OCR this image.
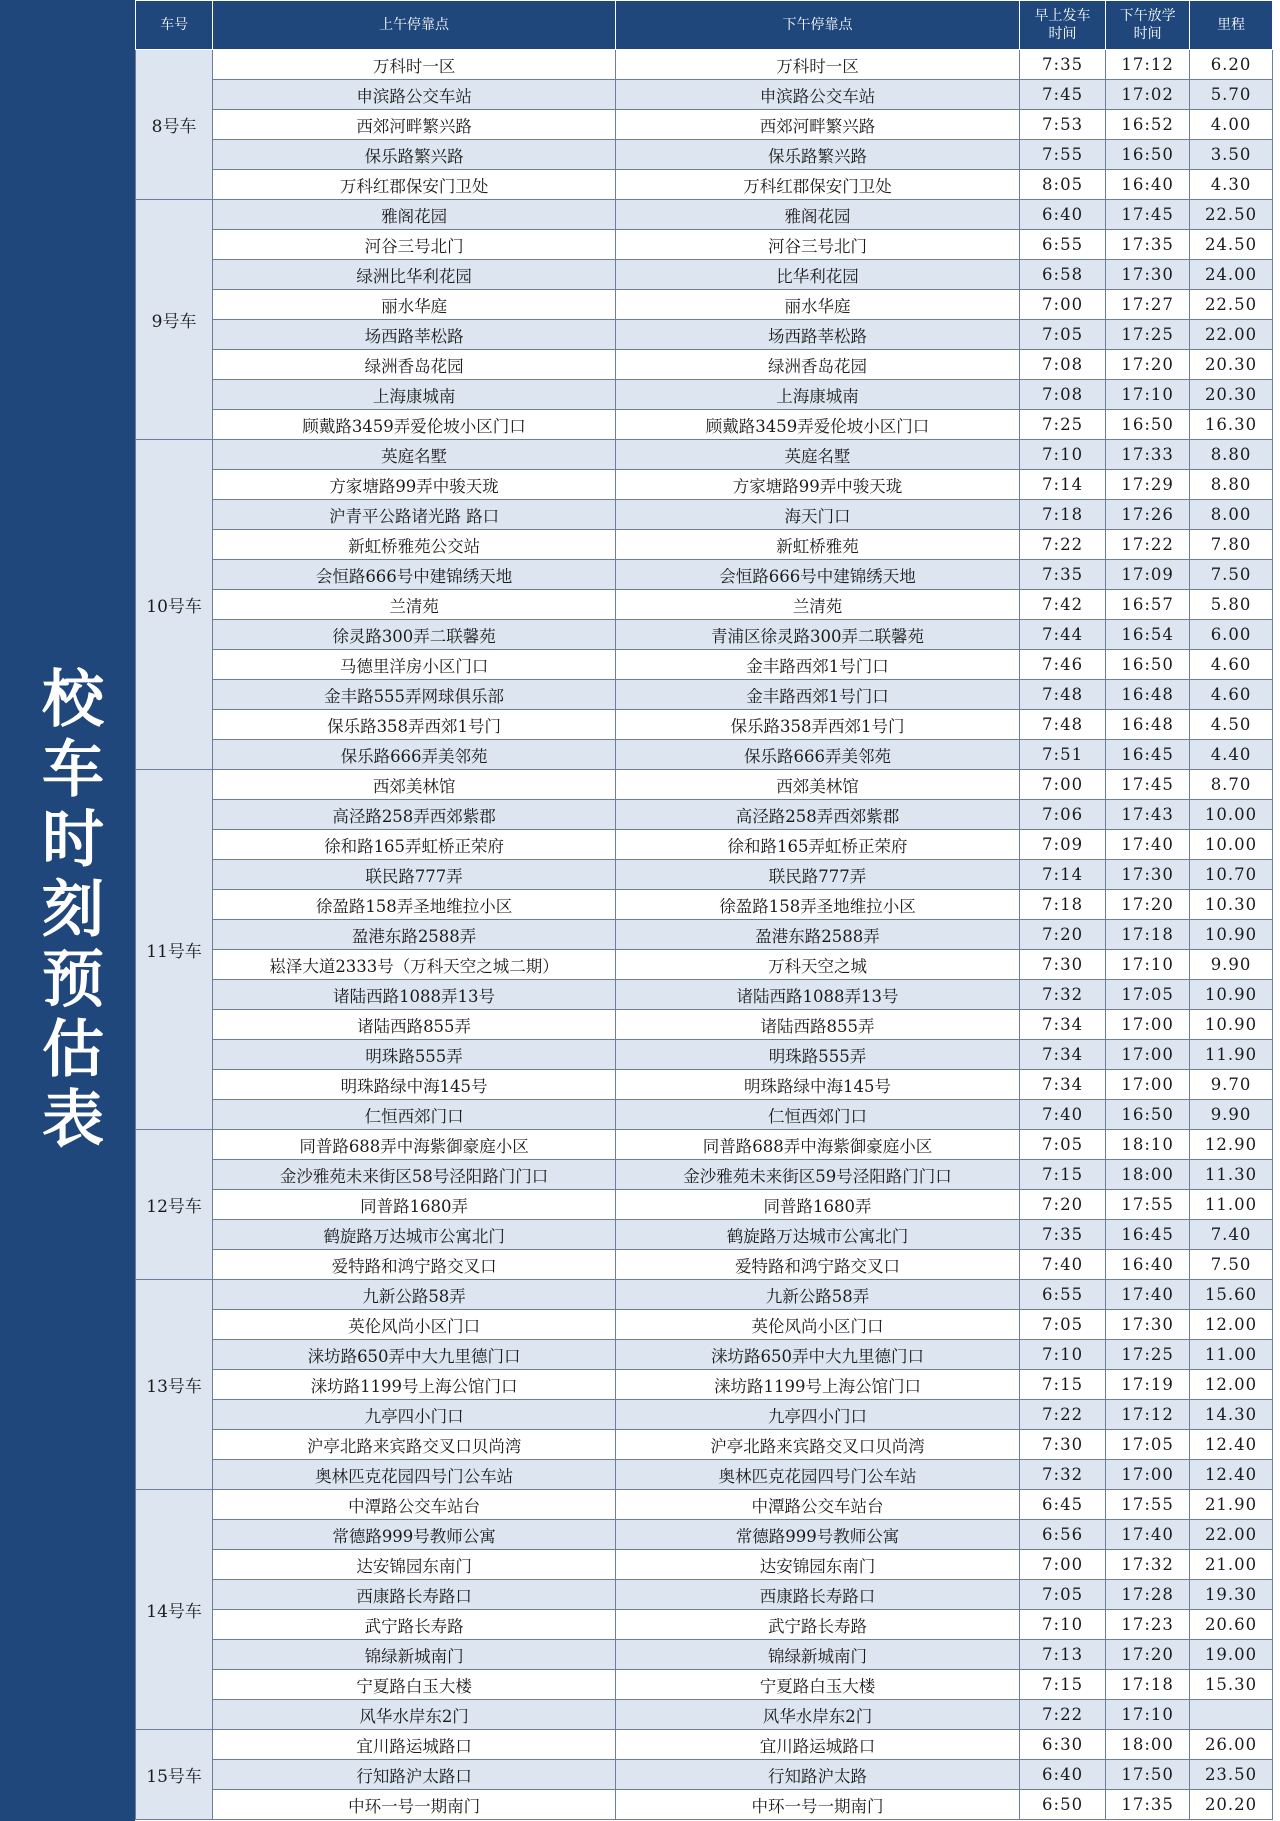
校车时刻预估表
车号	上午停靠点	下午停靠点	早上发车时间	下午放学时间	里程
8号车	万科时一区	万科时一区	7:35	17:12	6.20
	申滨路公交车站	申滨路公交车站	7:45	17:02	5.70
	西郊河畔繁兴路	西郊河畔繁兴路	7:53	16:52	4.00
	保乐路繁兴路	保乐路繁兴路	7:55	16:50	3.50
	万科红郡保安门卫处	万科红郡保安门卫处	8:05	16:40	4.30
9号车	雅阁花园	雅阁花园	6:40	17:45	22.50
	河谷三号北门	河谷三号北门	6:55	17:35	24.50
	绿洲比华利花园	比华利花园	6:58	17:30	24.00
	丽水华庭	丽水华庭	7:00	17:27	22.50
	场西路莘松路	场西路莘松路	7:05	17:25	22.00
	绿洲香岛花园	绿洲香岛花园	7:08	17:20	20.30
	上海康城南	上海康城南	7:08	17:10	20.30
	顾戴路3459弄爱伦坡小区门口	顾戴路3459弄爱伦坡小区门口	7:25	16:50	16.30
10号车	英庭名墅	英庭名墅	7:10	17:33	8.80
	方家塘路99弄中骏天珑	方家塘路99弄中骏天珑	7:14	17:29	8.80
	沪青平公路诸光路 路口	海天门口	7:18	17:26	8.00
	新虹桥雅苑公交站	新虹桥雅苑	7:22	17:22	7.80
	会恒路666号中建锦绣天地	会恒路666号中建锦绣天地	7:35	17:09	7.50
	兰清苑	兰清苑	7:42	16:57	5.80
	徐灵路300弄二联馨苑	青浦区徐灵路300弄二联馨苑	7:44	16:54	6.00
	马德里洋房小区门口	金丰路西郊1号门口	7:46	16:50	4.60
	金丰路555弄网球俱乐部	金丰路西郊1号门口	7:48	16:48	4.60
	保乐路358弄西郊1号门	保乐路358弄西郊1号门	7:48	16:48	4.50
	保乐路666弄美邻苑	保乐路666弄美邻苑	7:51	16:45	4.40
11号车	西郊美林馆	西郊美林馆	7:00	17:45	8.70
	高泾路258弄西郊紫郡	高泾路258弄西郊紫郡	7:06	17:43	10.00
	徐和路165弄虹桥正荣府	徐和路165弄虹桥正荣府	7:09	17:40	10.00
	联民路777弄	联民路777弄	7:14	17:30	10.70
	徐盈路158弄圣地维拉小区	徐盈路158弄圣地维拉小区	7:18	17:20	10.30
	盈港东路2588弄	盈港东路2588弄	7:20	17:18	10.90
	崧泽大道2333号（万科天空之城二期）	万科天空之城	7:30	17:10	9.90
	诸陆西路1088弄13号	诸陆西路1088弄13号	7:32	17:05	10.90
	诸陆西路855弄	诸陆西路855弄	7:34	17:00	10.90
	明珠路555弄	明珠路555弄	7:34	17:00	11.90
	明珠路绿中海145号	明珠路绿中海145号	7:34	17:00	9.70
	仁恒西郊门口	仁恒西郊门口	7:40	16:50	9.90
12号车	同普路688弄中海紫御豪庭小区	同普路688弄中海紫御豪庭小区	7:05	18:10	12.90
	金沙雅苑未来街区58号泾阳路门门口	金沙雅苑未来街区59号泾阳路门门口	7:15	18:00	11.30
	同普路1680弄	同普路1680弄	7:20	17:55	11.00
	鹤旋路万达城市公寓北门	鹤旋路万达城市公寓北门	7:35	16:45	7.40
	爱特路和鸿宁路交叉口	爱特路和鸿宁路交叉口	7:40	16:40	7.50
13号车	九新公路58弄	九新公路58弄	6:55	17:40	15.60
	英伦风尚小区门口	英伦风尚小区门口	7:05	17:30	12.00
	涞坊路650弄中大九里德门口	涞坊路650弄中大九里德门口	7:10	17:25	11.00
	涞坊路1199号上海公馆门口	涞坊路1199号上海公馆门口	7:15	17:19	12.00
	九亭四小门口	九亭四小门口	7:22	17:12	14.30
	沪亭北路来宾路交叉口贝尚湾	沪亭北路来宾路交叉口贝尚湾	7:30	17:05	12.40
	奥林匹克花园四号门公车站	奥林匹克花园四号门公车站	7:32	17:00	12.40
14号车	中潭路公交车站台	中潭路公交车站台	6:45	17:55	21.90
	常德路999号教师公寓	常德路999号教师公寓	6:56	17:40	22.00
	达安锦园东南门	达安锦园东南门	7:00	17:32	21.00
	西康路长寿路口	西康路长寿路口	7:05	17:28	19.30
	武宁路长寿路	武宁路长寿路	7:10	17:23	20.60
	锦绿新城南门	锦绿新城南门	7:13	17:20	19.00
	宁夏路白玉大楼	宁夏路白玉大楼	7:15	17:18	15.30
	风华水岸东2门	风华水岸东2门	7:22	17:10	
15号车	宜川路运城路口	宜川路运城路口	6:30	18:00	26.00
	行知路沪太路口	行知路沪太路	6:40	17:50	23.50
	中环一号一期南门	中环一号一期南门	6:50	17:35	20.20
